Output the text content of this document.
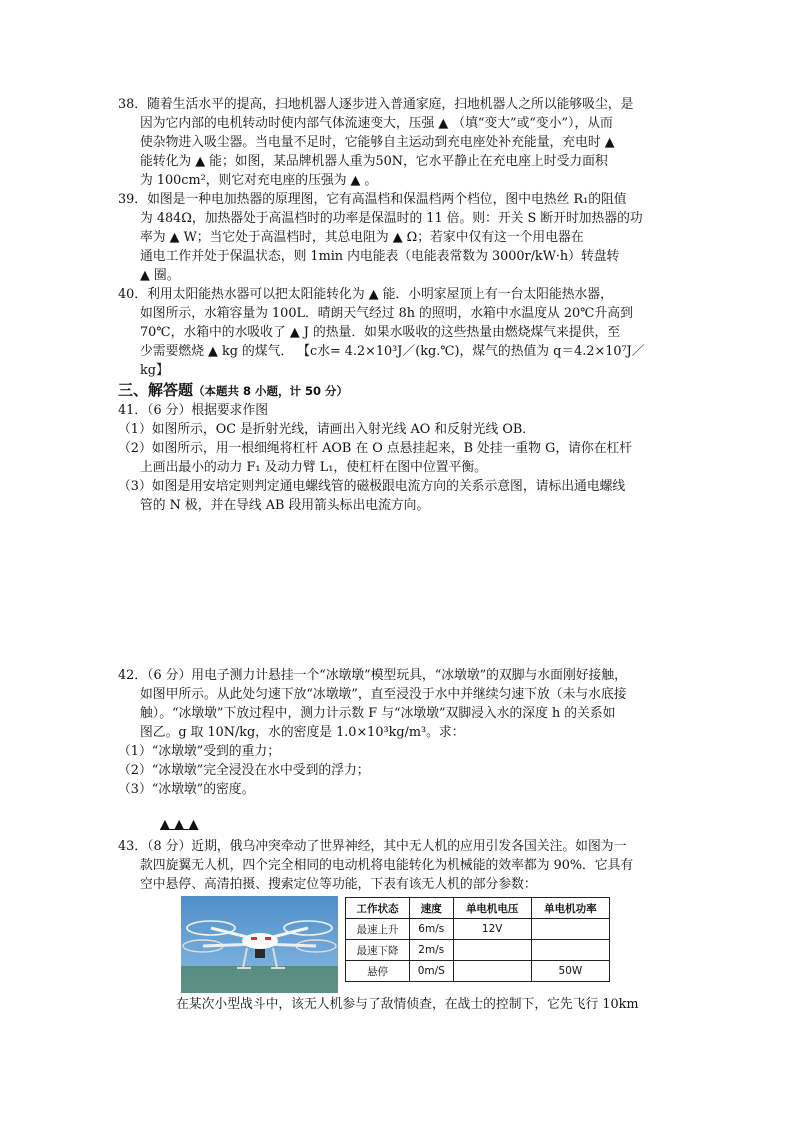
38．随着生活水平的提高，扫地机器人逐步进入普通家庭，扫地机器人之所以能够吸尘，是
因为它内部的电机转动时使内部气体流速变大，压强 ▲ （填“变大”或“变小”），从而
使杂物进入吸尘器。当电量不足时，它能够自主运动到充电座处补充能量，充电时 ▲
能转化为 ▲ 能；如图，某品牌机器人重为50N，它水平静止在充电座上时受力面积
为 100cm²，则它对充电座的压强为 ▲ 。
39．如图是一种电加热器的原理图，它有高温档和保温档两个档位，图中电热丝 R₁的阻值
为 484Ω，加热器处于高温档时的功率是保温时的 11 倍。则：开关 S 断开时加热器的功
率为 ▲ W；当它处于高温档时，其总电阻为 ▲ Ω；若家中仅有这一个用电器在
通电工作并处于保温状态，则 1min 内电能表（电能表常数为 3000r/kW·h）转盘转
▲ 圈。
40．利用太阳能热水器可以把太阳能转化为 ▲ 能．小明家屋顶上有一台太阳能热水器，
如图所示，水箱容量为 100L．晴朗天气经过 8h 的照明，水箱中水温度从 20℃升高到
70℃，水箱中的水吸收了 ▲ J 的热量．如果水吸收的这些热量由燃烧煤气来提供，至
少需要燃烧 ▲ kg 的煤气． 【c水= 4.2×10³J／(kg.℃)，煤气的热值为 q＝4.2×10⁷J／
kg】
三、解答题（本题共 8 小题，计 50 分）
41．（6 分）根据要求作图
（1）如图所示，OC 是折射光线，请画出入射光线 AO 和反射光线 OB．
（2）如图所示，用一根细绳将杠杆 AOB 在 O 点悬挂起来，B 处挂一重物 G，请你在杠杆
上画出最小的动力 F₁ 及动力臂 L₁，使杠杆在图中位置平衡。
（3）如图是用安培定则判定通电螺线管的磁极跟电流方向的关系示意图，请标出通电螺线
管的 N 极，并在导线 AB 段用箭头标出电流方向。
42．（6 分）用电子测力计悬挂一个“冰墩墩”模型玩具，“冰墩墩”的双脚与水面刚好接触，
如图甲所示。从此处匀速下放“冰墩墩”，直至浸没于水中并继续匀速下放（未与水底接
触）。“冰墩墩”下放过程中，测力计示数 F 与“冰墩墩”双脚浸入水的深度 h 的关系如
图乙。g 取 10N/kg，水的密度是 1.0×10³kg/m³。求：
（1）“冰墩墩”受到的重力；
（2）“冰墩墩”完全浸没在水中受到的浮力；
（3）“冰墩墩”的密度。
▲ ▲ ▲
43．（8 分）近期，俄乌冲突牵动了世界神经，其中无人机的应用引发各国关注。如图为一
款四旋翼无人机，四个完全相同的电动机将电能转化为机械能的效率都为 90%．它具有
空中悬停、高清拍摄、搜索定位等功能，下表有该无人机的部分参数：
工作状态	速度	单电机电压	单电机功率
最速上升	6m/s	12V	
最速下降	2m/s		
悬停	0m/S		50W
在某次小型战斗中，该无人机参与了敌情侦查，在战士的控制下，它先飞行 10km
